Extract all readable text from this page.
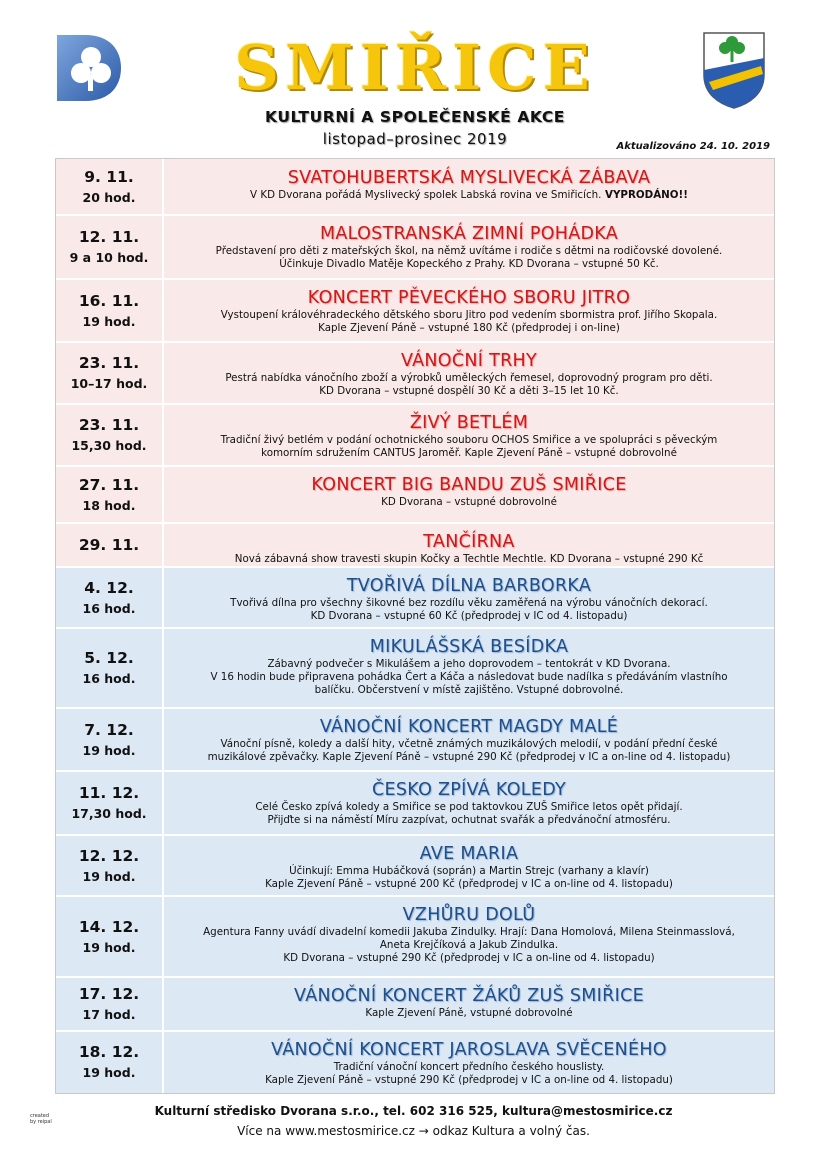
SMIŘICE
KULTURNÍ A SPOLEČENSKÉ AKCE
listopad–prosinec 2019	Aktualizováno 24. 10. 2019
9. 11.
20 hod.
SVATOHUBERTSKÁ MYSLIVECKÁ ZÁBAVA
V KD Dvorana pořádá Myslivecký spolek Labská rovina ve Smiřicích. VYPRODÁNO!!
12. 11.
9 a 10 hod.
MALOSTRANSKÁ ZIMNÍ POHÁDKA
Představení pro děti z mateřských škol, na němž uvítáme i rodiče s dětmi na rodičovské dovolené.
Účinkuje Divadlo Matěje Kopeckého z Prahy. KD Dvorana – vstupné 50 Kč.
16. 11.
19 hod.
KONCERT PĚVECKÉHO SBORU JITRO
Vystoupení královéhradeckého dětského sboru Jitro pod vedením sbormistra prof. Jiřího Skopala.
Kaple Zjevení Páně – vstupné 180 Kč (předprodej i on-line)
23. 11.
10–17 hod.
VÁNOČNÍ TRHY
Pestrá nabídka vánočního zboží a výrobků uměleckých řemesel, doprovodný program pro děti.
KD Dvorana – vstupné dospělí 30 Kč a děti 3–15 let 10 Kč.
23. 11.
15,30 hod.
ŽIVÝ BETLÉM
Tradiční živý betlém v podání ochotnického souboru OCHOS Smiřice a ve spolupráci s pěveckým
komorním sdružením CANTUS Jaroměř. Kaple Zjevení Páně – vstupné dobrovolné
27. 11.
18 hod.
KONCERT BIG BANDU ZUŠ SMIŘICE
KD Dvorana – vstupné dobrovolné
29. 11.	TANČÍRNA
Nová zábavná show travesti skupin Kočky a Techtle Mechtle. KD Dvorana – vstupné 290 Kč
4. 12.
16 hod.
TVOŘIVÁ DÍLNA BARBORKA
Tvořivá dílna pro všechny šikovné bez rozdílu věku zaměřená na výrobu vánočních dekorací.
KD Dvorana – vstupné 60 Kč (předprodej v IC od 4. listopadu)
5. 12.
16 hod.
MIKULÁŠSKÁ BESÍDKA
Zábavný podvečer s Mikulášem a jeho doprovodem – tentokrát v KD Dvorana.
V 16 hodin bude připravena pohádka Čert a Káča a následovat bude nadílka s předáváním vlastního
balíčku. Občerstvení v místě zajištěno. Vstupné dobrovolné.
7. 12.
19 hod.
VÁNOČNÍ KONCERT MAGDY MALÉ
Vánoční písně, koledy a další hity, včetně známých muzikálových melodií, v podání přední české
muzikálové zpěvačky. Kaple Zjevení Páně – vstupné 290 Kč (předprodej v IC a on-line od 4. listopadu)
11. 12.
17,30 hod.
ČESKO ZPÍVÁ KOLEDY
Celé Česko zpívá koledy a Smiřice se pod taktovkou ZUŠ Smiřice letos opět přidají.
Přijďte si na náměstí Míru zazpívat, ochutnat svařák a předvánoční atmosféru.
12. 12.
19 hod.
AVE MARIA
Účinkují: Emma Hubáčková (soprán) a Martin Strejc (varhany a klavír)
Kaple Zjevení Páně – vstupné 200 Kč (předprodej v IC a on-line od 4. listopadu)
14. 12.
19 hod.
VZHŮRU DOLŮ
Agentura Fanny uvádí divadelní komedii Jakuba Zindulky. Hrají: Dana Homolová, Milena Steinmasslová,
Aneta Krejčíková a Jakub Zindulka.
KD Dvorana – vstupné 290 Kč (předprodej v IC a on-line od 4. listopadu)
17. 12.
17 hod.
VÁNOČNÍ KONCERT ŽÁKŮ ZUŠ SMIŘICE
Kaple Zjevení Páně, vstupné dobrovolné
18. 12.
19 hod.
VÁNOČNÍ KONCERT JAROSLAVA SVĚCENÉHO
Tradiční vánoční koncert předního českého houslisty.
Kaple Zjevení Páně – vstupné 290 Kč (předprodej v IC a on-line od 4. listopadu)
created
by reipal
Kulturní středisko Dvorana s.r.o., tel. 602 316 525, kultura@mestosmirice.cz
Více na www.mestosmirice.cz → odkaz Kultura a volný čas.
